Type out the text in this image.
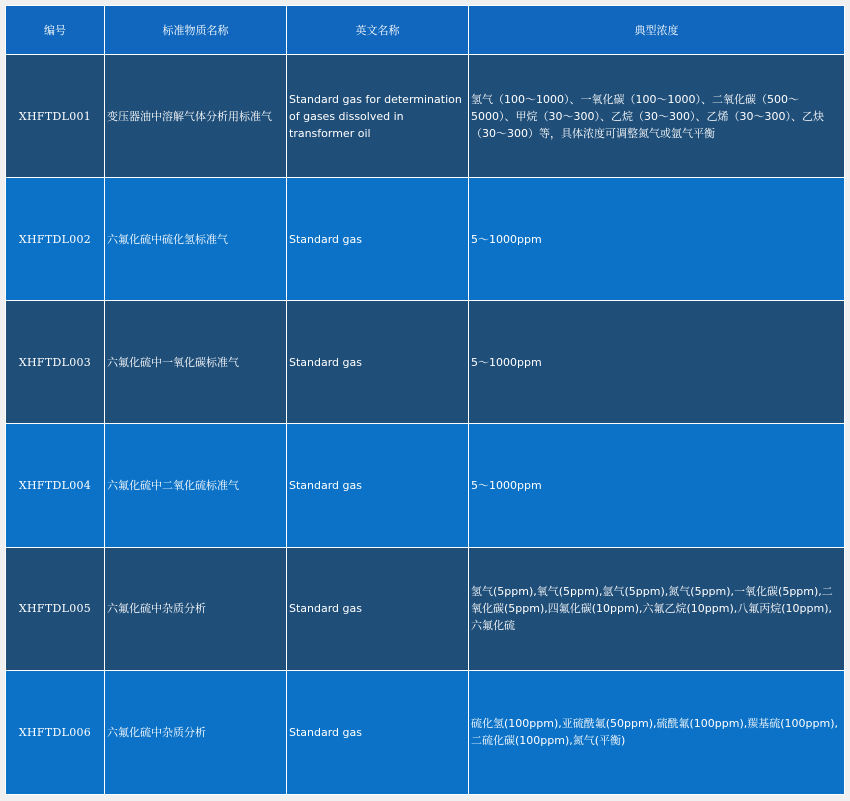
编号	标准物质名称	英文名称	典型浓度
XHFTDL001	变压器油中溶解气体分析用标准气	Standard gas for determination of gases dissolved in transformer oil	氢气（100～1000）、一氧化碳（100～1000）、二氧化碳（500～5000）、甲烷（30～300）、乙烷（30～300）、乙烯（30～300）、乙炔（30～300）等，具体浓度可调整氮气或氩气平衡
XHFTDL002	六氟化硫中硫化氢标准气	Standard gas	5～1000ppm
XHFTDL003	六氟化硫中一氧化碳标准气	Standard gas	5～1000ppm
XHFTDL004	六氟化硫中二氧化硫标准气	Standard gas	5～1000ppm
XHFTDL005	六氟化硫中杂质分析	Standard gas	氢气(5ppm),氧气(5ppm),氩气(5ppm),氮气(5ppm),一氧化碳(5ppm),二氧化碳(5ppm),四氟化碳(10ppm),六氟乙烷(10ppm),八氟丙烷(10ppm),六氟化硫
XHFTDL006	六氟化硫中杂质分析	Standard gas	硫化氢(100ppm),亚硫酰氟(50ppm),硫酰氟(100ppm),羰基硫(100ppm),二硫化碳(100ppm),氮气(平衡)
